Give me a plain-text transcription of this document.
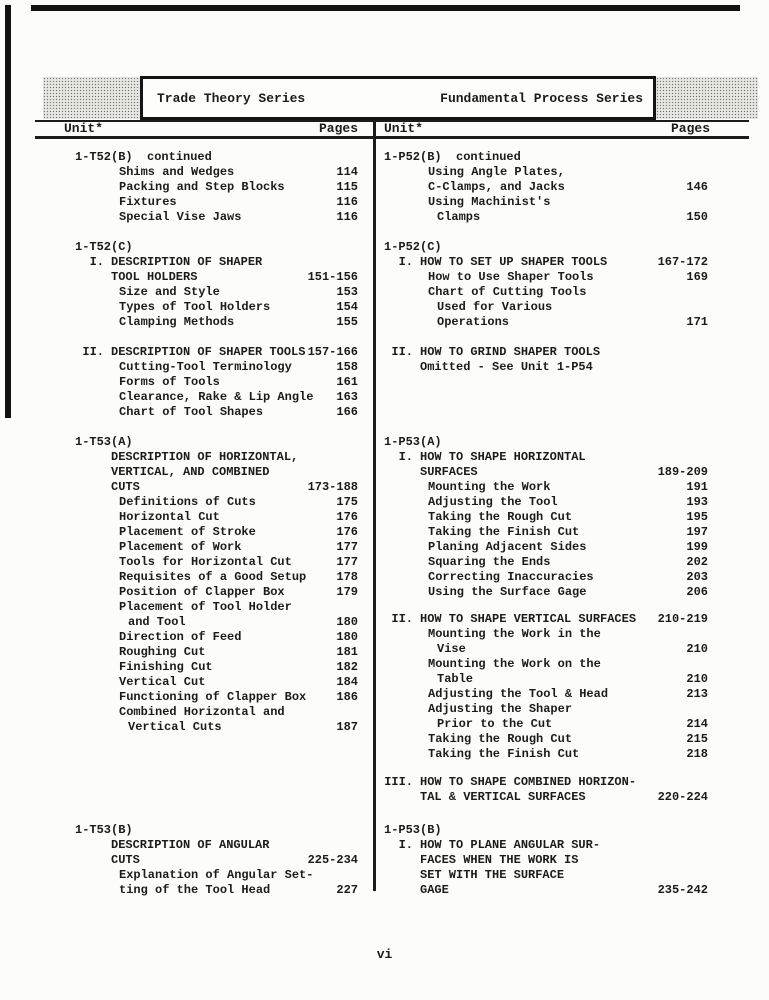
Trade Theory Series	Fundamental Process Series
Unit*	Pages Unit*	Pages
1-T52(B)  continued
Shims and Wedges	114
Packing and Step Blocks	115
Fixtures	116
Special Vise Jaws	116
1-T52(C)
I. DESCRIPTION OF SHAPER
TOOL HOLDERS	151-156
Size and Style	153
Types of Tool Holders	154
Clamping Methods	155
II. DESCRIPTION OF SHAPER TOOLS 157-166
Cutting-Tool Terminology	158
Forms of Tools	161
Clearance, Rake & Lip Angle 163
Chart of Tool Shapes	166
1-T53(A)
DESCRIPTION OF HORIZONTAL,
VERTICAL, AND COMBINED
CUTS	173-188
Definitions of Cuts	175
Horizontal Cut	176
Placement of Stroke	176
Placement of Work	177
Tools for Horizontal Cut	177
Requisites of a Good Setup	178
Position of Clapper Box	179
Placement of Tool Holder
and Tool	180
Direction of Feed	180
Roughing Cut	181
Finishing Cut	182
Vertical Cut	184
Functioning of Clapper Box	186
Combined Horizontal and
Vertical Cuts	187
1-T53(B)
DESCRIPTION OF ANGULAR
CUTS	225-234
Explanation of Angular Set-
ting of the Tool Head	227
1-P52(B)  continued
Using Angle Plates,
C-Clamps, and Jacks	146
Using Machinist's
Clamps	150
1-P52(C)
I. HOW TO SET UP SHAPER TOOLS	167-172
How to Use Shaper Tools	169
Chart of Cutting Tools
Used for Various
Operations	171
II. HOW TO GRIND SHAPER TOOLS
Omitted - See Unit 1-P54
1-P53(A)
I. HOW TO SHAPE HORIZONTAL
SURFACES	189-209
Mounting the Work	191
Adjusting the Tool	193
Taking the Rough Cut	195
Taking the Finish Cut	197
Planing Adjacent Sides	199
Squaring the Ends	202
Correcting Inaccuracies	203
Using the Surface Gage	206
II. HOW TO SHAPE VERTICAL SURFACES 210-219
Mounting the Work in the
Vise	210
Mounting the Work on the
Table	210
Adjusting the Tool & Head	213
Adjusting the Shaper
Prior to the Cut	214
Taking the Rough Cut	215
Taking the Finish Cut	218
III. HOW TO SHAPE COMBINED HORIZON-
TAL & VERTICAL SURFACES	220-224
1-P53(B)
I. HOW TO PLANE ANGULAR SUR-
FACES WHEN THE WORK IS
SET WITH THE SURFACE
GAGE	235-242
vi
